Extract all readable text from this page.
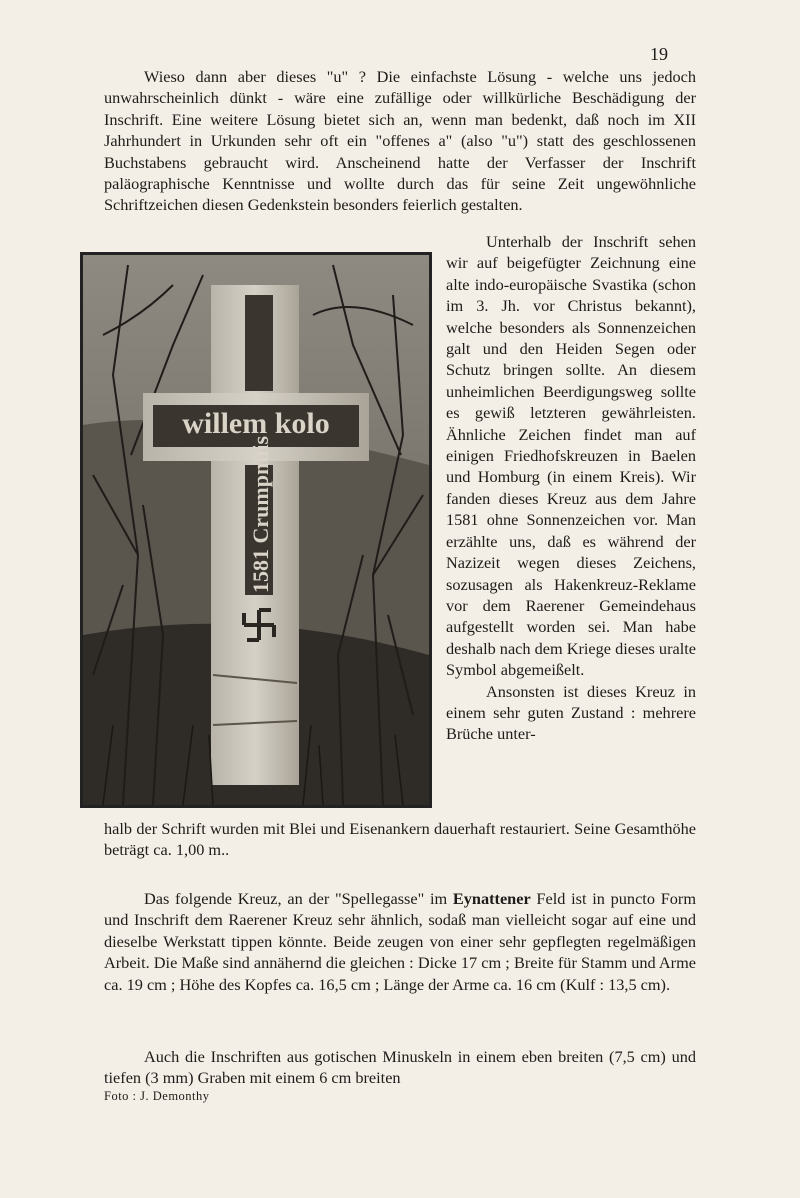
19

Wieso dann aber dieses "u" ? Die einfachste Lösung - welche uns jedoch unwahrscheinlich dünkt - wäre eine zufällige oder willkürliche Beschädigung der Inschrift. Eine weitere Lösung bietet sich an, wenn man bedenkt, daß noch im XII Jahrhundert in Urkunden sehr oft ein "offenes a" (also "u") statt des geschlossenen Buchstabens gebraucht wird. Anscheinend hatte der Verfasser der Inschrift paläographische Kenntnisse und wollte durch das für seine Zeit ungewöhnliche Schriftzeichen diesen Gedenkstein besonders feierlich gestalten.

willem kolo
1581 Crumpnuis

Unterhalb der Inschrift sehen wir auf beigefügter Zeichnung eine alte indo-europäische Svastika (schon im 3. Jh. vor Christus bekannt), welche besonders als Sonnenzeichen galt und den Heiden Segen oder Schutz bringen sollte. An diesem unheimlichen Beerdigungsweg sollte es gewiß letzteren gewährleisten. Ähnliche Zeichen findet man auf einigen Friedhofskreuzen in Baelen und Homburg (in einem Kreis). Wir fanden dieses Kreuz aus dem Jahre 1581 ohne Sonnenzeichen vor. Man erzählte uns, daß es während der Nazizeit wegen dieses Zeichens, sozusagen als Hakenkreuz-Reklame vor dem Raerener Gemeindehaus aufgestellt worden sei. Man habe deshalb nach dem Kriege dieses uralte Symbol abgemeißelt.

Ansonsten ist dieses Kreuz in einem sehr guten Zustand : mehrere Brüche unter-

halb der Schrift wurden mit Blei und Eisenankern dauerhaft restauriert. Seine Gesamthöhe beträgt ca. 1,00 m..

Das folgende Kreuz, an der "Spellegasse" im Eynattener Feld ist in puncto Form und Inschrift dem Raerener Kreuz sehr ähnlich, sodaß man vielleicht sogar auf eine und dieselbe Werkstatt tippen könnte. Beide zeugen von einer sehr gepflegten regelmäßigen Arbeit. Die Maße sind annähernd die gleichen : Dicke 17 cm ; Breite für Stamm und Arme ca. 19 cm ; Höhe des Kopfes ca. 16,5 cm ; Länge der Arme ca. 16 cm (Kulf : 13,5 cm).

Auch die Inschriften aus gotischen Minuskeln in einem eben breiten (7,5 cm) und tiefen (3 mm) Graben mit einem 6 cm breiten

Foto : J. Demonthy
